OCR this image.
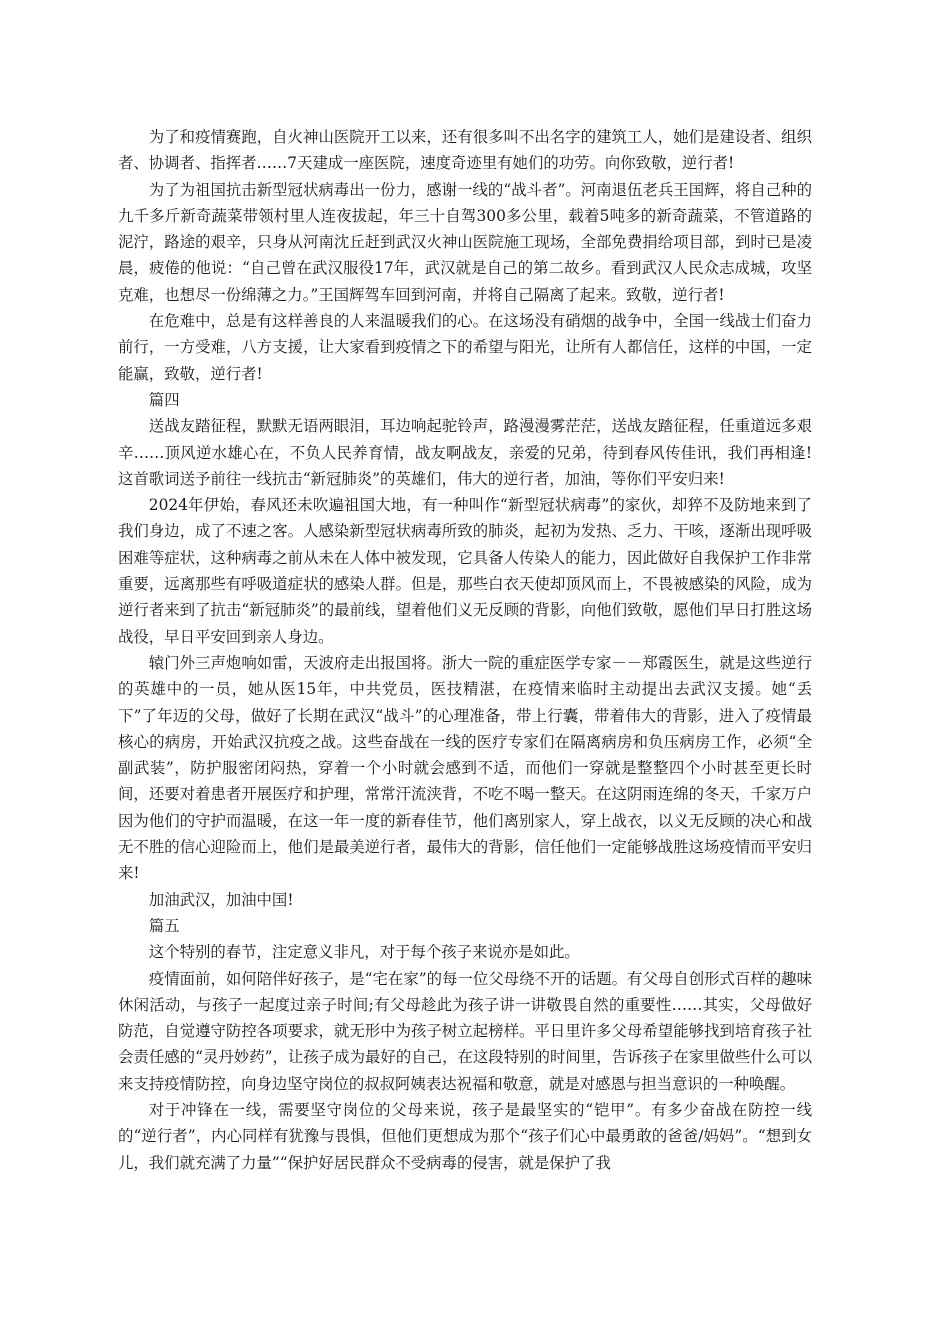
为了和疫情赛跑，自火神山医院开工以来，还有很多叫不出名字的建筑工人，她们是建设者、组织者、协调者、指挥者……7天建成一座医院，速度奇迹里有她们的功劳。向你致敬，逆行者!

为了为祖国抗击新型冠状病毒出一份力，感谢一线的“战斗者”。河南退伍老兵王国辉，将自己种的九千多斤新奇蔬菜带领村里人连夜拔起，年三十自驾300多公里，载着5吨多的新奇蔬菜，不管道路的泥泞，路途的艰辛，只身从河南沈丘赶到武汉火神山医院施工现场，全部免费捐给项目部，到时已是凌晨，疲倦的他说：“自己曾在武汉服役17年，武汉就是自己的第二故乡。看到武汉人民众志成城，攻坚克难，也想尽一份绵薄之力。”王国辉驾车回到河南，并将自己隔离了起来。致敬，逆行者!

在危难中，总是有这样善良的人来温暖我们的心。在这场没有硝烟的战争中，全国一线战士们奋力前行，一方受难，八方支援，让大家看到疫情之下的希望与阳光，让所有人都信任，这样的中国，一定能赢，致敬，逆行者!

篇四

送战友踏征程，默默无语两眼泪，耳边响起驼铃声，路漫漫雾茫茫，送战友踏征程，任重道远多艰辛……顶风逆水雄心在，不负人民养育情，战友啊战友，亲爱的兄弟，待到春风传佳讯，我们再相逢!这首歌词送予前往一线抗击“新冠肺炎”的英雄们，伟大的逆行者，加油，等你们平安归来!

2024年伊始，春风还未吹遍祖国大地，有一种叫作“新型冠状病毒”的家伙，却猝不及防地来到了我们身边，成了不速之客。人感染新型冠状病毒所致的肺炎，起初为发热、乏力、干咳，逐渐出现呼吸困难等症状，这种病毒之前从未在人体中被发现，它具备人传染人的能力，因此做好自我保护工作非常重要，远离那些有呼吸道症状的感染人群。但是，那些白衣天使却顶风而上，不畏被感染的风险，成为逆行者来到了抗击“新冠肺炎”的最前线，望着他们义无反顾的背影，向他们致敬，愿他们早日打胜这场战役，早日平安回到亲人身边。

辕门外三声炮响如雷，天波府走出报国将。浙大一院的重症医学专家－－郑霞医生，就是这些逆行的英雄中的一员，她从医15年，中共党员，医技精湛，在疫情来临时主动提出去武汉支援。她“丢下”了年迈的父母，做好了长期在武汉“战斗”的心理准备，带上行囊，带着伟大的背影，进入了疫情最核心的病房，开始武汉抗疫之战。这些奋战在一线的医疗专家们在隔离病房和负压病房工作，必须“全副武装”，防护服密闭闷热，穿着一个小时就会感到不适，而他们一穿就是整整四个小时甚至更长时间，还要对着患者开展医疗和护理，常常汗流浃背，不吃不喝一整天。在这阴雨连绵的冬天，千家万户因为他们的守护而温暖，在这一年一度的新春佳节，他们离别家人，穿上战衣，以义无反顾的决心和战无不胜的信心迎险而上，他们是最美逆行者，最伟大的背影，信任他们一定能够战胜这场疫情而平安归来!

加油武汉，加油中国!

篇五

这个特别的春节，注定意义非凡，对于每个孩子来说亦是如此。

疫情面前，如何陪伴好孩子，是“宅在家”的每一位父母绕不开的话题。有父母自创形式百样的趣味休闲活动，与孩子一起度过亲子时间;有父母趁此为孩子讲一讲敬畏自然的重要性……其实，父母做好防范，自觉遵守防控各项要求，就无形中为孩子树立起榜样。平日里许多父母希望能够找到培育孩子社会责任感的“灵丹妙药”，让孩子成为最好的自己，在这段特别的时间里，告诉孩子在家里做些什么可以来支持疫情防控，向身边坚守岗位的叔叔阿姨表达祝福和敬意，就是对感恩与担当意识的一种唤醒。

对于冲锋在一线，需要坚守岗位的父母来说，孩子是最坚实的“铠甲”。有多少奋战在防控一线的“逆行者”，内心同样有犹豫与畏惧，但他们更想成为那个“孩子们心中最勇敢的爸爸/妈妈”。“想到女儿，我们就充满了力量”“保护好居民群众不受病毒的侵害，就是保护了我
